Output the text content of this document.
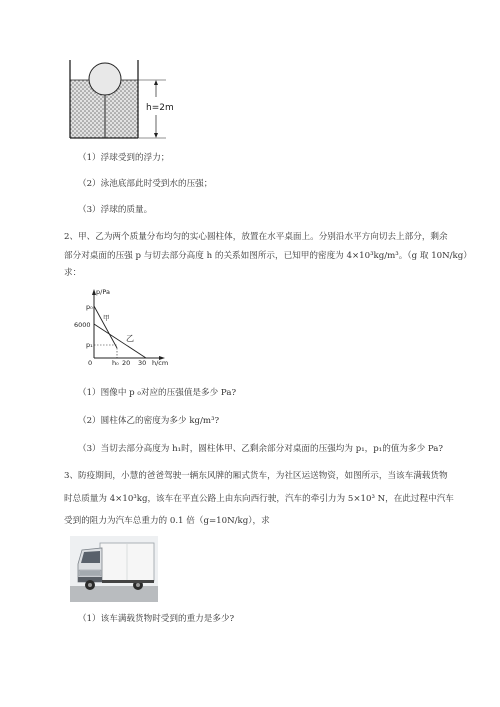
h=2m
（1）浮球受到的浮力；
（2）泳池底部此时受到水的压强；
（3）浮球的质量。
2、甲、乙为两个质量分布均匀的实心圆柱体，放置在水平桌面上。分别沿水平方向切去上部分，剩余
部分对桌面的压强 p 与切去部分高度 h 的关系如图所示，已知甲的密度为 4×10³kg/m³。（g 取 10N/kg）
求：
p/Pa
p₀
6000
p₁
0	h₀ 20 30 h/cm
甲
乙
（1）图像中 p ₀对应的压强值是多少 Pa?
（2）圆柱体乙的密度为多少 kg/m³?
（3）当切去部分高度为 h₁时，圆柱体甲、乙剩余部分对桌面的压强均为 p₁，p₁的值为多少 Pa?
3、防疫期间，小慧的爸爸驾驶一辆东风牌的厢式货车，为社区运送物资，如图所示，当该车满载货物
时总质量为 4×10³kg，该车在平直公路上由东向西行驶，汽车的牵引力为 5×10³ N，在此过程中汽车
受到的阻力为汽车总重力的 0.1 倍（g=10N/kg），求
（1）该车满载货物时受到的重力是多少?
